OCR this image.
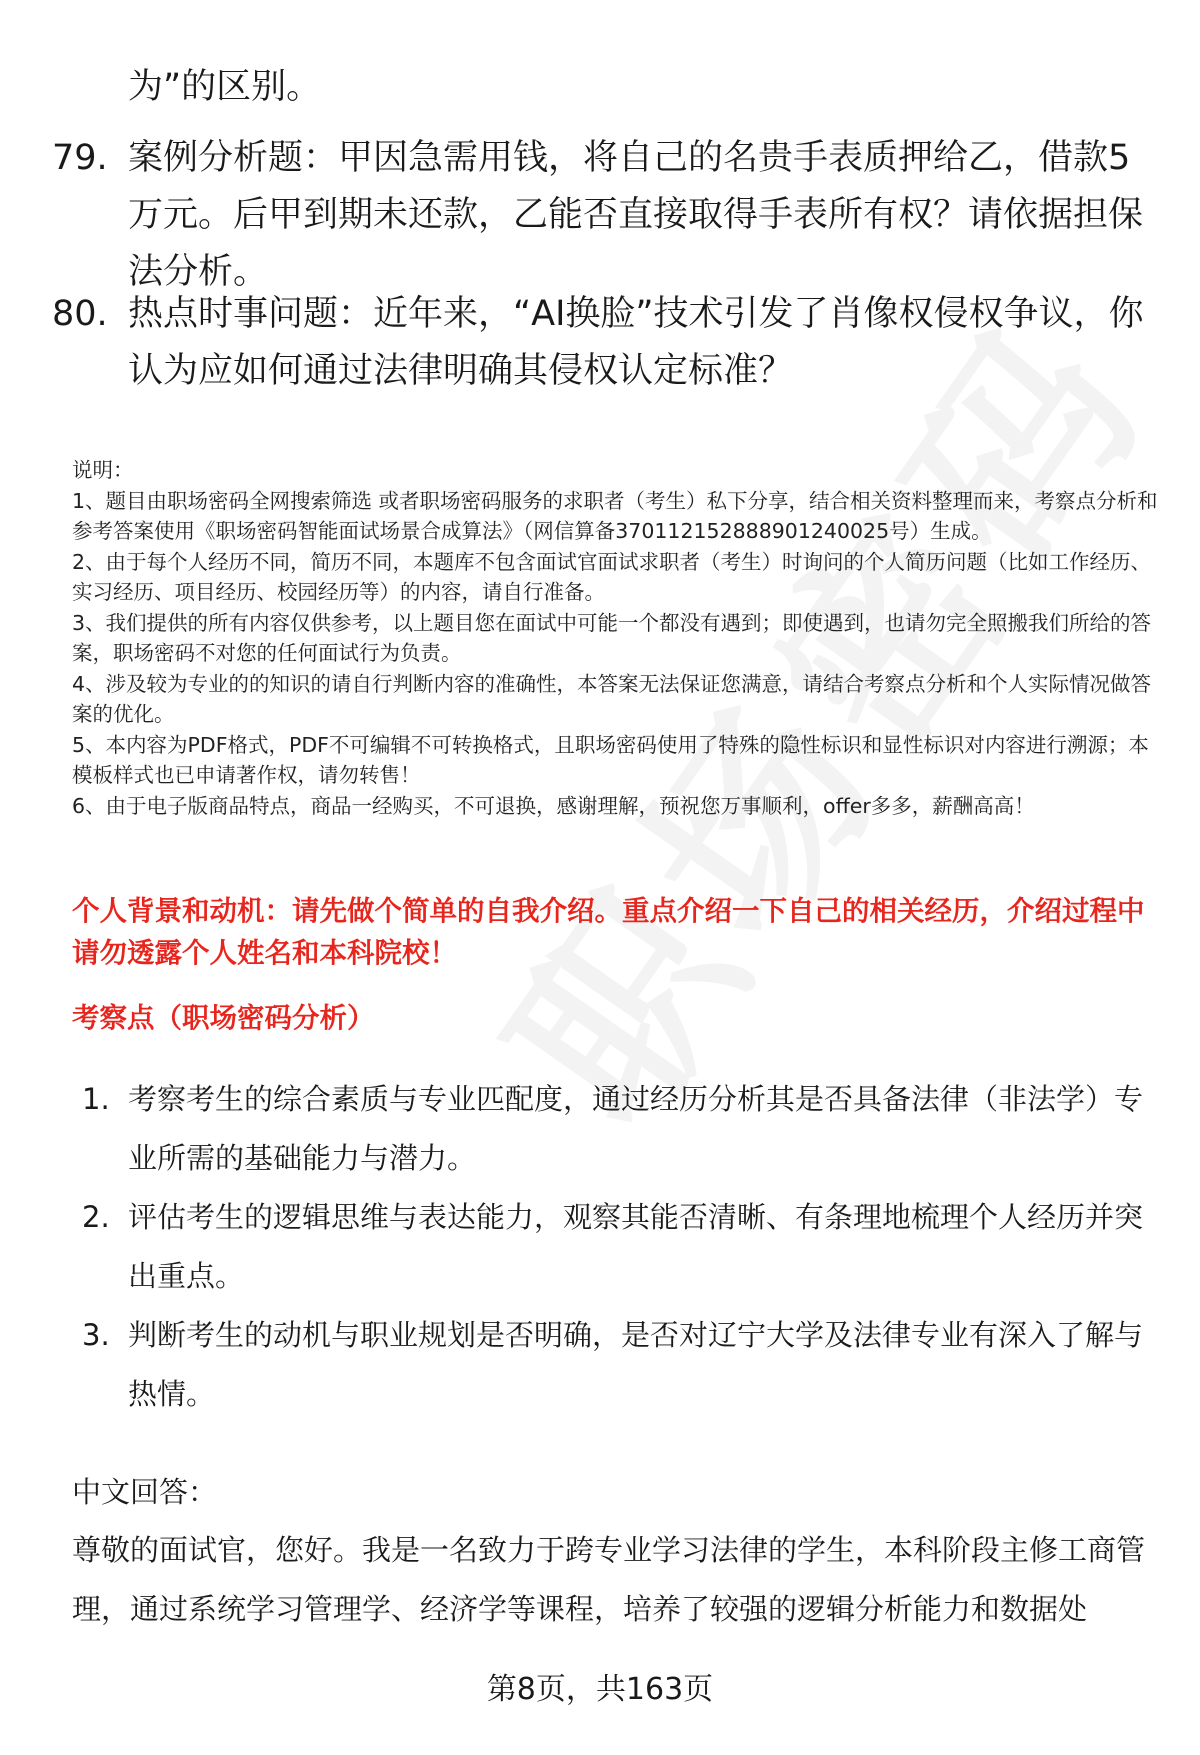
为”的区别。

79. 案例分析题：甲因急需用钱，将自己的名贵手表质押给乙，借款5万元。后甲到期未还款，乙能否直接取得手表所有权？请依据担保法分析。
80. 热点时事问题：近年来，“AI换脸”技术引发了肖像权侵权争议，你认为应如何通过法律明确其侵权认定标准？

说明：

1、题目由职场密码全网搜索筛选 或者职场密码服务的求职者（考生）私下分享，结合相关资料整理而来，考察点分析和参考答案使用《职场密码智能面试场景合成算法》（网信算备370112152888901240025号）生成。

2、由于每个人经历不同，简历不同，本题库不包含面试官面试求职者（考生）时询问的个人简历问题（比如工作经历、实习经历、项目经历、校园经历等）的内容，请自行准备。

3、我们提供的所有内容仅供参考，以上题目您在面试中可能一个都没有遇到；即使遇到，也请勿完全照搬我们所给的答案，职场密码不对您的任何面试行为负责。

4、涉及较为专业的的知识的请自行判断内容的准确性，本答案无法保证您满意，请结合考察点分析和个人实际情况做答案的优化。

5、本内容为PDF格式，PDF不可编辑不可转换格式，且职场密码使用了特殊的隐性标识和显性标识对内容进行溯源；本模板样式也已申请著作权，请勿转售！

6、由于电子版商品特点，商品一经购买，不可退换，感谢理解，预祝您万事顺利，offer多多，薪酬高高！

个人背景和动机：请先做个简单的自我介绍。重点介绍一下自己的相关经历，介绍过程中请勿透露个人姓名和本科院校！

考察点（职场密码分析）

1. 考察考生的综合素质与专业匹配度，通过经历分析其是否具备法律（非法学）专业所需的基础能力与潜力。
2. 评估考生的逻辑思维与表达能力，观察其能否清晰、有条理地梳理个人经历并突出重点。
3. 判断考生的动机与职业规划是否明确，是否对辽宁大学及法律专业有深入了解与热情。

中文回答：

尊敬的面试官，您好。我是一名致力于跨专业学习法律的学生，本科阶段主修工商管理，通过系统学习管理学、经济学等课程，培养了较强的逻辑分析能力和数据处

第8页，共163页
